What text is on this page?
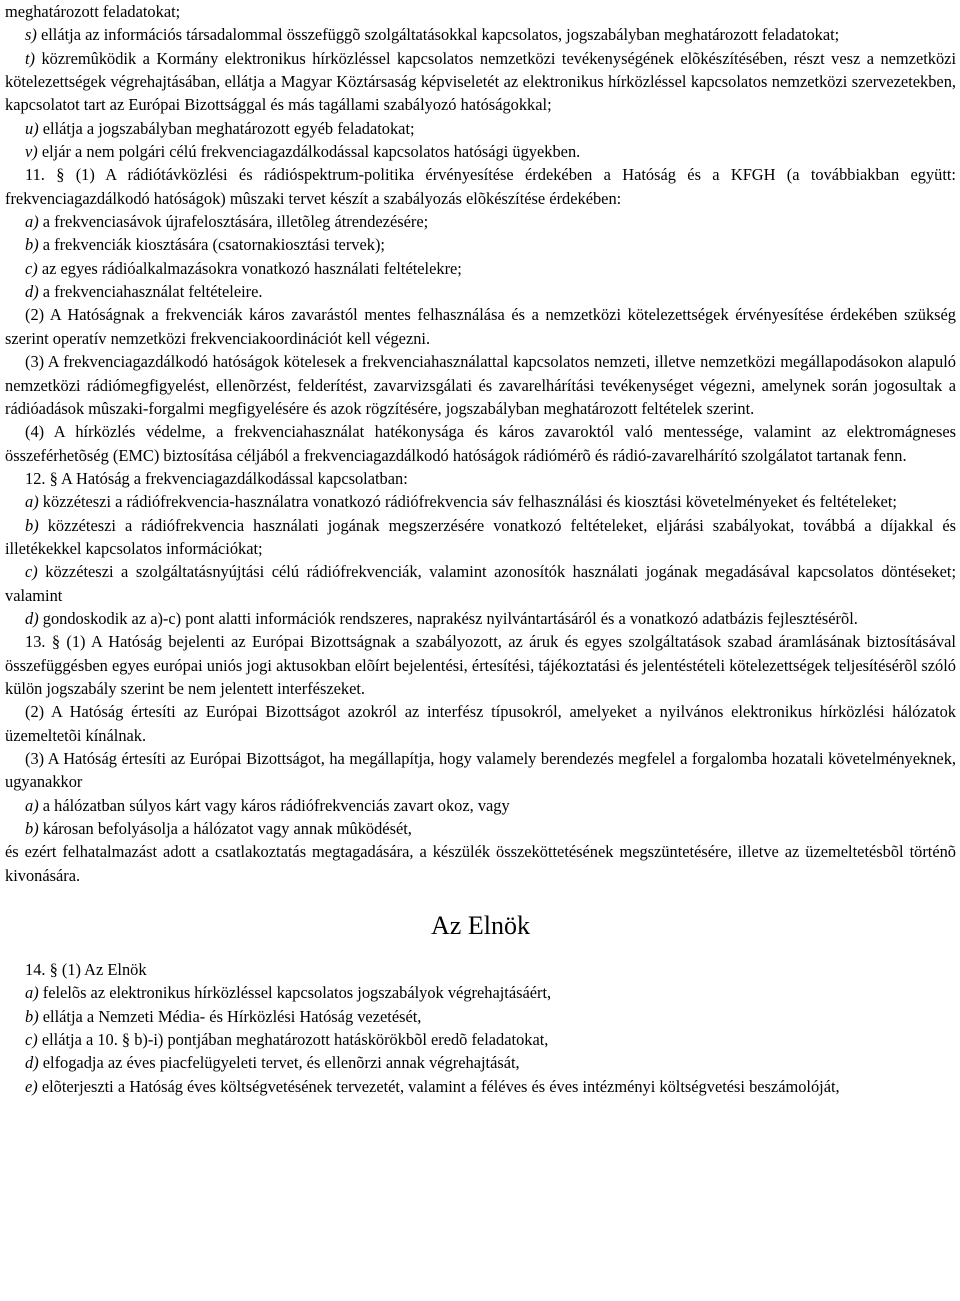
meghatározott feladatokat;

s) ellátja az információs társadalommal összefüggõ szolgáltatásokkal kapcsolatos, jogszabályban meghatározott feladatokat;

t) közremûködik a Kormány elektronikus hírközléssel kapcsolatos nemzetközi tevékenységének elõkészítésében, részt vesz a nemzetközi kötelezettségek végrehajtásában, ellátja a Magyar Köztársaság képviseletét az elektronikus hírközléssel kapcsolatos nemzetközi szervezetekben, kapcsolatot tart az Európai Bizottsággal és más tagállami szabályozó hatóságokkal;

u) ellátja a jogszabályban meghatározott egyéb feladatokat;

v) eljár a nem polgári célú frekvenciagazdálkodással kapcsolatos hatósági ügyekben.

11. § (1) A rádiótávközlési és rádióspektrum-politika érvényesítése érdekében a Hatóság és a KFGH (a továbbiakban együtt: frekvenciagazdálkodó hatóságok) mûszaki tervet készít a szabályozás elõkészítése érdekében:

a) a frekvenciasávok újrafelosztására, illetõleg átrendezésére;

b) a frekvenciák kiosztására (csatornakiosztási tervek);

c) az egyes rádióalkalmazásokra vonatkozó használati feltételekre;

d) a frekvenciahasználat feltételeire.

(2) A Hatóságnak a frekvenciák káros zavarástól mentes felhasználása és a nemzetközi kötelezettségek érvényesítése érdekében szükség szerint operatív nemzetközi frekvenciakoordinációt kell végezni.

(3) A frekvenciagazdálkodó hatóságok kötelesek a frekvenciahasználattal kapcsolatos nemzeti, illetve nemzetközi megállapodásokon alapuló nemzetközi rádiómegfigyelést, ellenõrzést, felderítést, zavarvizsgálati és zavarelhárítási tevékenységet végezni, amelynek során jogosultak a rádióadások mûszaki-forgalmi megfigyelésére és azok rögzítésére, jogszabályban meghatározott feltételek szerint.

(4) A hírközlés védelme, a frekvenciahasználat hatékonysága és káros zavaroktól való mentessége, valamint az elektromágneses összeférhetõség (EMC) biztosítása céljából a frekvenciagazdálkodó hatóságok rádiómérõ és rádió-zavarelhárító szolgálatot tartanak fenn.

12. § A Hatóság a frekvenciagazdálkodással kapcsolatban:

a) közzéteszi a rádiófrekvencia-használatra vonatkozó rádiófrekvencia sáv felhasználási és kiosztási követelményeket és feltételeket;

b) közzéteszi a rádiófrekvencia használati jogának megszerzésére vonatkozó feltételeket, eljárási szabályokat, továbbá a díjakkal és illetékekkel kapcsolatos információkat;

c) közzéteszi a szolgáltatásnyújtási célú rádiófrekvenciák, valamint azonosítók használati jogának megadásával kapcsolatos döntéseket; valamint

d) gondoskodik az a)-c) pont alatti információk rendszeres, naprakész nyilvántartásáról és a vonatkozó adatbázis fejlesztésérõl.

13. § (1) A Hatóság bejelenti az Európai Bizottságnak a szabályozott, az áruk és egyes szolgáltatások szabad áramlásának biztosításával összefüggésben egyes európai uniós jogi aktusokban elõírt bejelentési, értesítési, tájékoztatási és jelentéstételi kötelezettségek teljesítésérõl szóló külön jogszabály szerint be nem jelentett interfészeket.

(2) A Hatóság értesíti az Európai Bizottságot azokról az interfész típusokról, amelyeket a nyilvános elektronikus hírközlési hálózatok üzemeltetõi kínálnak.

(3) A Hatóság értesíti az Európai Bizottságot, ha megállapítja, hogy valamely berendezés megfelel a forgalomba hozatali követelményeknek, ugyanakkor

a) a hálózatban súlyos kárt vagy káros rádiófrekvenciás zavart okoz, vagy

b) károsan befolyásolja a hálózatot vagy annak mûködését,

és ezért felhatalmazást adott a csatlakoztatás megtagadására, a készülék összeköttetésének megszüntetésére, illetve az üzemeltetésbõl történõ kivonására.

Az Elnök

14. § (1) Az Elnök

a) felelõs az elektronikus hírközléssel kapcsolatos jogszabályok végrehajtásáért,

b) ellátja a Nemzeti Média- és Hírközlési Hatóság vezetését,

c) ellátja a 10. § b)-i) pontjában meghatározott hatáskörökbõl eredõ feladatokat,

d) elfogadja az éves piacfelügyeleti tervet, és ellenõrzi annak végrehajtását,

e) elõterjeszti a Hatóság éves költségvetésének tervezetét, valamint a féléves és éves intézményi költségvetési beszámolóját,
